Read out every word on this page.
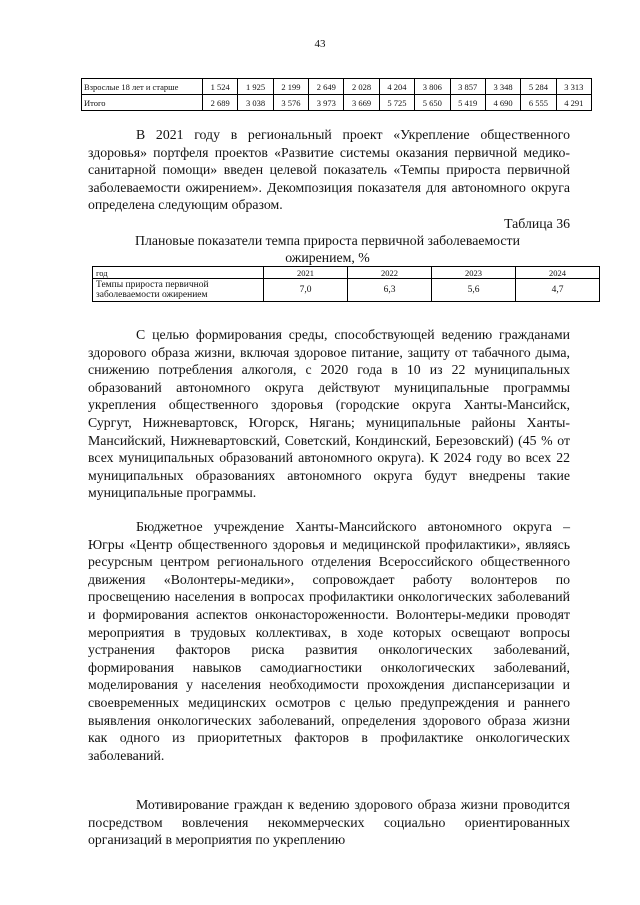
43
Взрослые 18 лет и старше	1 524	1 925	2 199	2 649	2 028	4 204	3 806	3 857	3 348	5 284	3 313
Итого	2 689	3 038	3 576	3 973	3 669	5 725	5 650	5 419	4 690	6 555	4 291

В 2021 году в региональный проект «Укрепление общественного здоровья» портфеля проектов «Развитие системы оказания первичной медико-санитарной помощи» введен целевой показатель «Темпы прироста первичной заболеваемости ожирением». Декомпозиция показателя для автономного округа определена следующим образом.

Таблица 36
Плановые показатели темпа прироста первичной заболеваемости ожирением, %
год	2021	2022	2023	2024
Темпы прироста первичной заболеваемости ожирением	7,0	6,3	5,6	4,7

С целью формирования среды, способствующей ведению гражданами здорового образа жизни, включая здоровое питание, защиту от табачного дыма, снижению потребления алкоголя, с 2020 года в 10 из 22 муниципальных образований автономного округа действуют муниципальные программы укрепления общественного здоровья (городские округа Ханты-Мансийск, Сургут, Нижневартовск, Югорск, Нягань; муниципальные районы Ханты-Мансийский, Нижневартовский, Советский, Кондинский, Березовский) (45 % от всех муниципальных образований автономного округа). К 2024 году во всех 22 муниципальных образованиях автономного округа будут внедрены такие муниципальные программы.

Бюджетное учреждение Ханты-Мансийского автономного округа – Югры «Центр общественного здоровья и медицинской профилактики», являясь ресурсным центром регионального отделения Всероссийского общественного движения «Волонтеры-медики», сопровождает работу волонтеров по просвещению населения в вопросах профилактики онкологических заболеваний и формирования аспектов онконастороженности. Волонтеры-медики проводят мероприятия в трудовых коллективах, в ходе которых освещают вопросы устранения факторов риска развития онкологических заболеваний, формирования навыков самодиагностики онкологических заболеваний, моделирования у населения необходимости прохождения диспансеризации и своевременных медицинских осмотров с целью предупреждения и раннего выявления онкологических заболеваний, определения здорового образа жизни как одного из приоритетных факторов в профилактике онкологических заболеваний.

Мотивирование граждан к ведению здорового образа жизни проводится посредством вовлечения некоммерческих социально ориентированных организаций в мероприятия по укреплению
